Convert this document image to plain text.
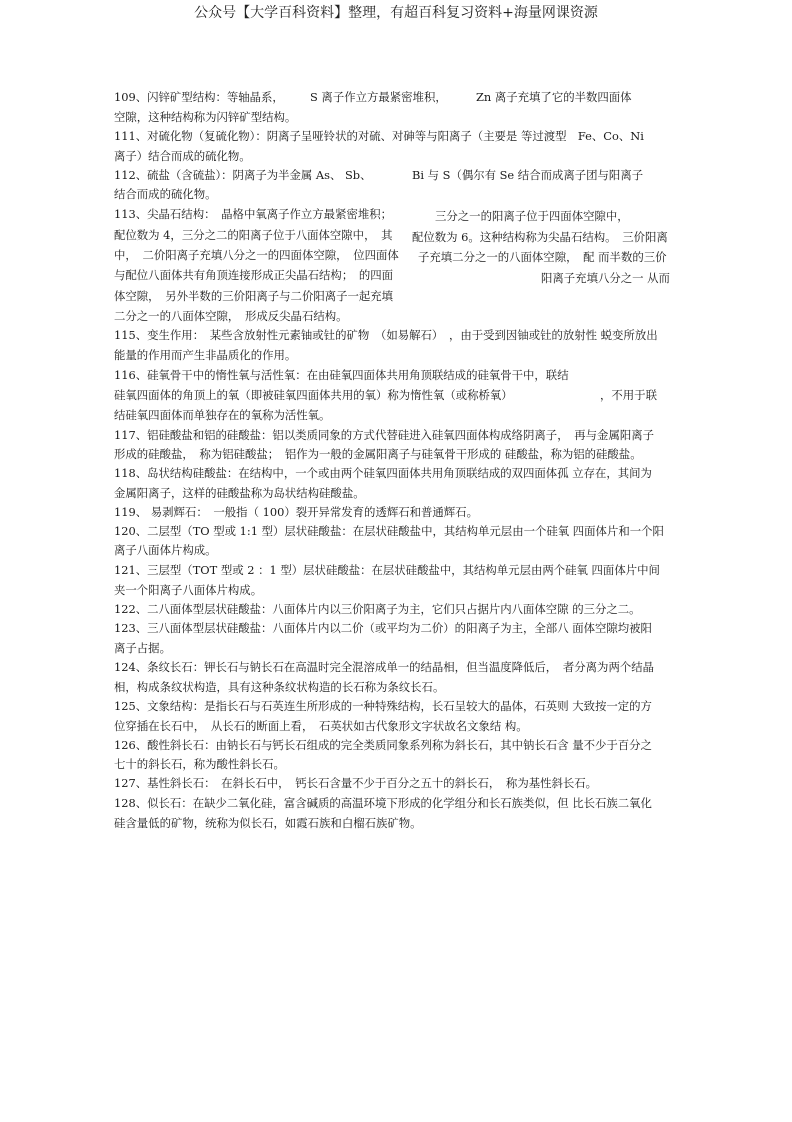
公众号【大学百科资料】整理，有超百科复习资料+海量网课资源
109、闪锌矿型结构：等轴晶系， S 离子作立方最紧密堆积，	Zn 离子充填了它的半数四面体
空隙，这种结构称为闪锌矿型结构。
111、对硫化物（复硫化物）：阴离子呈哑铃状的对硫、对砷等与阳离子（主要是 等过渡型　Fe、Co、Ni
离子）结合而成的硫化物。
112、硫盐（含硫盐）：阴离子为半金属 As、 Sb、	Bi 与 S（偶尔有 Se 结合而成离子团与阳离子
结合而成的硫化物。
113、尖晶石结构：　晶格中氧离子作立方最紧密堆积；	三分之一的阳离子位于四面体空隙中，
配位数为 4，三分之二的阳离子位于八面体空隙中，　其 配位数为 6。这种结构称为尖晶石结构。　三价阳离
中，　二价阳离子充填八分之一的四面体空隙，　位四面体 子充填二分之一的八面体空隙，　配 而半数的三价
与配位八面体共有角顶连接形成正尖晶石结构；　的四面	阳离子充填八分之一 从而
体空隙，　另外半数的三价阳离子与二价阳离子一起充填
二分之一的八面体空隙，　形成反尖晶石结构。
115、变生作用：　某些含放射性元素铀或钍的矿物　（如易解石）　，由于受到因铀或钍的放射性 蜕变所放出
能量的作用而产生非晶质化的作用。
116、硅氧骨干中的惰性氧与活性氧：在由硅氧四面体共用角顶联结成的硅氧骨干中，联结
硅氧四面体的角顶上的氧（即被硅氧四面体共用的氧）称为惰性氧（或称桥氧）	，不用于联
结硅氧四面体而单独存在的氧称为活性氧。
117、铝硅酸盐和铝的硅酸盐：铝以类质同象的方式代替硅进入硅氧四面体构成络阴离子，　再与金属阳离子
形成的硅酸盐，　称为铝硅酸盐；　铝作为一般的金属阳离子与硅氧骨干形成的 硅酸盐，称为铝的硅酸盐。
118、岛状结构硅酸盐：在结构中，一个或由两个硅氧四面体共用角顶联结成的双四面体孤 立存在，其间为
金属阳离子，这样的硅酸盐称为岛状结构硅酸盐。
119、 易剥辉石：　一般指（ 100）裂开异常发育的透辉石和普通辉石。
120、二层型（TO 型或 1:1 型）层状硅酸盐：在层状硅酸盐中，其结构单元层由一个硅氧 四面体片和一个阳
离子八面体片构成。
121、三层型（TOT 型或 2 ：1 型）层状硅酸盐：在层状硅酸盐中，其结构单元层由两个硅氧 四面体片中间
夹一个阳离子八面体片构成。
122、二八面体型层状硅酸盐：八面体片内以三价阳离子为主，它们只占据片内八面体空隙 的三分之二。
123、三八面体型层状硅酸盐：八面体片内以二价（或平均为二价）的阳离子为主，全部八 面体空隙均被阳
离子占据。
124、条纹长石：钾长石与钠长石在高温时完全混溶成单一的结晶相，但当温度降低后，　者分离为两个结晶
相，构成条纹状构造，具有这种条纹状构造的长石称为条纹长石。
125、文象结构：是指长石与石英连生所形成的一种特殊结构，长石呈较大的晶体，石英则 大致按一定的方
位穿插在长石中，　从长石的断面上看，　石英状如古代象形文字状故名文象结 构。
126、酸性斜长石：由钠长石与钙长石组成的完全类质同象系列称为斜长石，其中钠长石含 量不少于百分之
七十的斜长石，称为酸性斜长石。
127、基性斜长石：　在斜长石中，　钙长石含量不少于百分之五十的斜长石，　称为基性斜长石。
128、似长石：在缺少二氧化硅，富含碱质的高温环境下形成的化学组分和长石族类似，但 比长石族二氧化
硅含量低的矿物，统称为似长石，如霞石族和白榴石族矿物。
